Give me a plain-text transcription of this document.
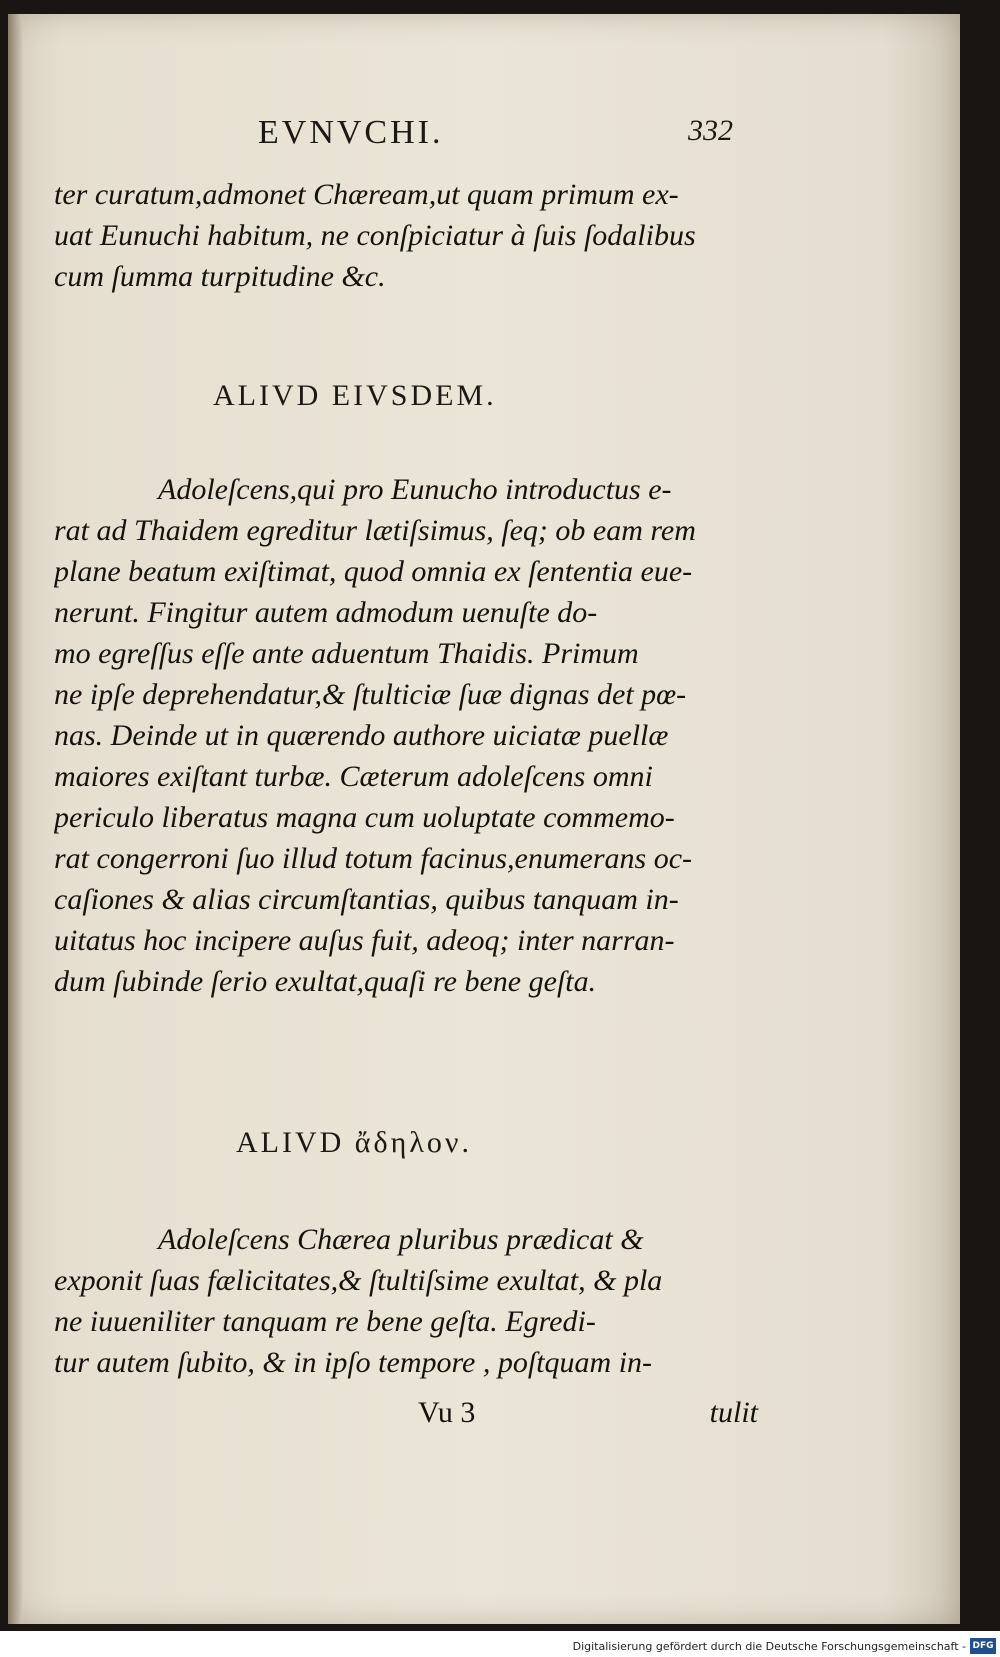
EVNVCHI.	332
ter curatum,admonet Chæream,ut quam primum ex-
uat Eunuchi habitum, ne conſpiciatur à ſuis ſodalibus
cum ſumma turpitudine &c.
ALIVD EIVSDEM.
Adoleſcens,qui pro Eunucho introductus e-
rat ad Thaidem egreditur lætiſsimus, ſeq; ob eam rem
plane beatum exiſtimat, quod omnia ex ſententia eue-
nerunt. Fingitur autem admodum uenuſte do-
mo egreſſus eſſe ante aduentum Thaidis. Primum
ne ipſe deprehendatur,& ſtulticiæ ſuæ dignas det pœ-
nas. Deinde ut in quærendo authore uiciatæ puellæ
maiores exiſtant turbæ. Cæterum adoleſcens omni
periculo liberatus magna cum uoluptate commemo-
rat congerroni ſuo illud totum facinus,enumerans oc-
caſiones & alias circumſtantias, quibus tanquam in-
uitatus hoc incipere auſus fuit, adeoq; inter narran-
dum ſubinde ſerio exultat,quaſi re bene geſta.
ALIVD ἄδηλον.
Adoleſcens Chærea pluribus prædicat &
exponit ſuas fælicitates,& ſtultiſsime exultat, & pla
ne iuueniliter tanquam re bene geſta. Egredi-
tur autem ſubito, & in ipſo tempore , poſtquam in-
Vu 3	tulit
Digitalisierung gefördert durch die Deutsche Forschungsgemeinschaft - DFG
